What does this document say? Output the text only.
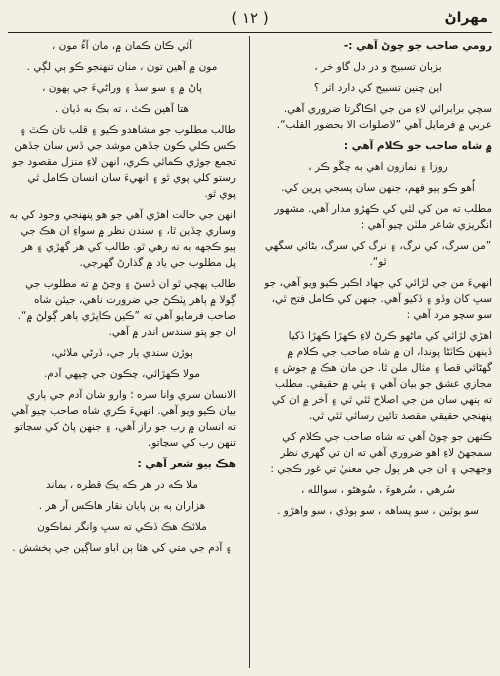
مهراڻ
( ١٢ )
رومي صاحب جو چوڻ آهي :-
بزبان تسبيح و در دل گاو خر ،
اين چنين تسبيح کي دارد اثر ؟
سچي برابرائي لاءِ من جي اڪاگرتا ضروري آهي. عربي ۾ فرمايل آهي ”لاصلوات الا بحضور القلب“.
۾ شاه صاحب جو ڪلام آهي :
روزا ۽ نمازون اهي به چڱو ڪر ،
اُهو ڪو ٻيو فهم، جنهن سان پسجي پرين کي.
مطلب ته من کي لئي کي ڪهڙو مدار آهي. مشهور انگريزي شاعر ملٽن چيو آهي :
”من سرگ، کي نرگ، ۽ نرگ کي سرگ، بڻائي سگهي ٿو“.
انهيءَ من جي لڙائي کي جهاد اڪبر ڪيو ويو آهي، جو سڀ کان وڏو ۽ ڏکيو آهي. جنهن کي ڪامل فتح ٿي، سو سچو مرد آهي :
اهڙي لڙائي کي ماڻهو ڪرڻ لاءِ ڪهڙا ڪهڙا ڏکيا ڏينهن ڪاٽڻا پوندا، ان ۾ شاه صاحب جي ڪلام ۾ گهڻائي قصا ۽ مثال ملن ٿا. جن مان هڪ ۾ جوش ۽ مجازي عشق جو بيان آهي ۽ ٻئي ۾ حقيقي. مطلب ته ٻنهي سان من جي اصلاح ٿئي ٿي ۽ آخر ۾ ان کي پنهنجي حقيقي مقصد تائين رسائي ٿئي ٿي.
ڪنهن جو چوڻ آهي ته شاه صاحب جي ڪلام کي سمجهڻ لاءِ اهو ضروري آهي ته ان تي گهري نظر وجهجي ۽ ان جي هر ٻول جي معنيٰ تي غور ڪجي :
سُرهي ، سُرهوءَ ، سُوهڻو ، سوالله ،
سو ٻوئين ، سو پساهه ، سو ٻوڏي ، سو واهڙو .
آئي ڪان ڪمان ۾، مان آءُ مون ،
مون ۾ آهين تون ، منان تنهنجو ڪو ٻي لڳي .
پاڻ ۾ ۽ سو سڏ ۽ وراڻيءَ جي ٻهون ،
هتا آهين ڪٿ ، ته بڪ به ڏيان .
طالب مطلوب جو مشاهدو ڪيو ۽ قلب تان ڪٿ ۽ ڪس ڪلي ڪون جڏهن موشد جي ڏس سان جڏهن تجمع جوڙي ڪمائي ڪري، انهن لاءِ منزل مقصود جو رستو کلي پوي ٿو ۽ انهيءَ سان انسان ڪامل ٿي پوي ٿو.
انهن جي حالت اهڙي آهي جو هو پنهنجي وجود کي به وساري ڇڏين ٿا، ۽ سندن نظر ۾ سواءِ ان هڪ جي ٻيو ڪجهه به نه رهي ٿو. طالب کي هر گهڙي ۽ هر پل مطلوب جي ياد ۾ گذارڻ گهرجي.
طالب پهچي ٿو ان ڏسڻ ۽ وڃڻ ۾ ته مطلوب جي ڳولا ۾ ٻاهر ڀٽڪڻ جي ضرورت ناهي، جيئن شاه صاحب فرمايو آهي ته ”ڪين ڪاپڙي ٻاهر ڳولڻ ۾“. ان جو پتو سندس اندر ۾ آهي.
ٻوڙن سندي ٻار جي، ڏرڻي ملائي،
مولا ڪهڙائي، چڪون جي چيهي آدم.
الانسان سري وانا سره ؛ وارو شان آدم جي ٻاري بيان ڪيو ويو آهي. انهيءَ ڪري شاه صاحب چيو آهي ته انسان ۾ رب جو راز آهي، ۽ جنهن پاڻ کي سڃاتو تنهن رب کي سڃاتو.
هڪ ٻيو شعر آهي :
ملا ڪه در هر ڪه يڪ قطره ، بماند
هزاران ٻه ٻن پايان نقار هاڪس آر هر .
ملائڪ هڪ ڏڪي ته سڀ وانگر نماڪون
۽ آدم جي متي کي هئا ٻن اباو ساڳين جي ٻخشش .
